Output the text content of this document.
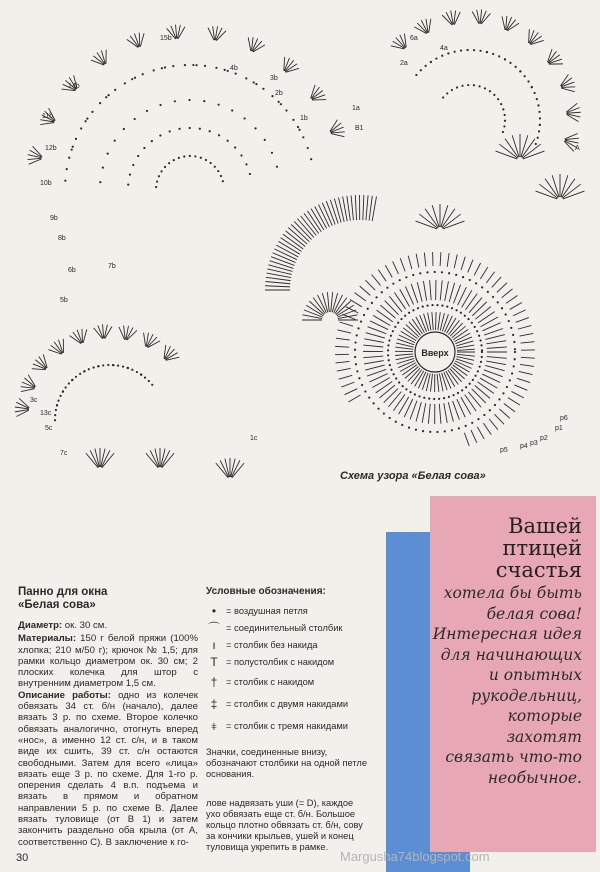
Вверх
14b
10b
12b
8b
6b
7b
15b
1b
2b
4b
9b
11b
13c
5b
3b
1c
3c
5c
7c
1a
2a
4a
6a
B1
A
p1
p2
p3
p4
p5
p6
Схема узора «Белая сова»
Панно для окна
«Белая сова»

Диаметр: ок. 30 см.

Материалы: 150 г белой пряжи (100% хлопка; 210 м/50 г); крючок № 1,5; для рамки кольцо диаметром ок. 30 см; 2 плоских колечка для штор с внутренним диаметром 1,5 см.

Описание работы: одно из колечек обвязать 34 ст. б/н (начало), далее вязать 3 р. по схеме. Второе колечко обвязать аналогично, отогнуть вперед «нос», а именно 12 ст. с/н, и в таком виде их сшить, 39 ст. с/н остаются свободными. Затем для всего «лица» вязать еще 3 р. по схеме. Для 1-го р. оперения сделать 4 в.п. подъема и вязать в прямом и обратном направлении 5 р. по схеме В. Далее вязать туловище (от В 1) и затем закончить раздельно оба крыла (от А, соответственно С). В заключение к го-

Условные обозначения:
•	= воздушная петля
⌒ = соединительный столбик
ı	= столбик без накида
T = полустолбик с накидом
† = столбик с накидом
‡ = столбик с двумя накидами
⧧ = столбик с тремя накидами
Значки, соединенные внизу, обозначают столбики на одной петле основания.
лове надвязать уши (= D), каждое ухо обвязать еще ст. б/н. Большое кольцо плотно обвязать ст. б/н, сову за кончики крыльев, ушей и конец туловища укрепить в рамке.
Вашей
птицей
счастья
хотела бы быть
белая сова!
Интересная идея
для начинающих
и опытных
рукодельниц,
которые захотят
связать что-то
необычное.
30	Margusha74blogspot.com
